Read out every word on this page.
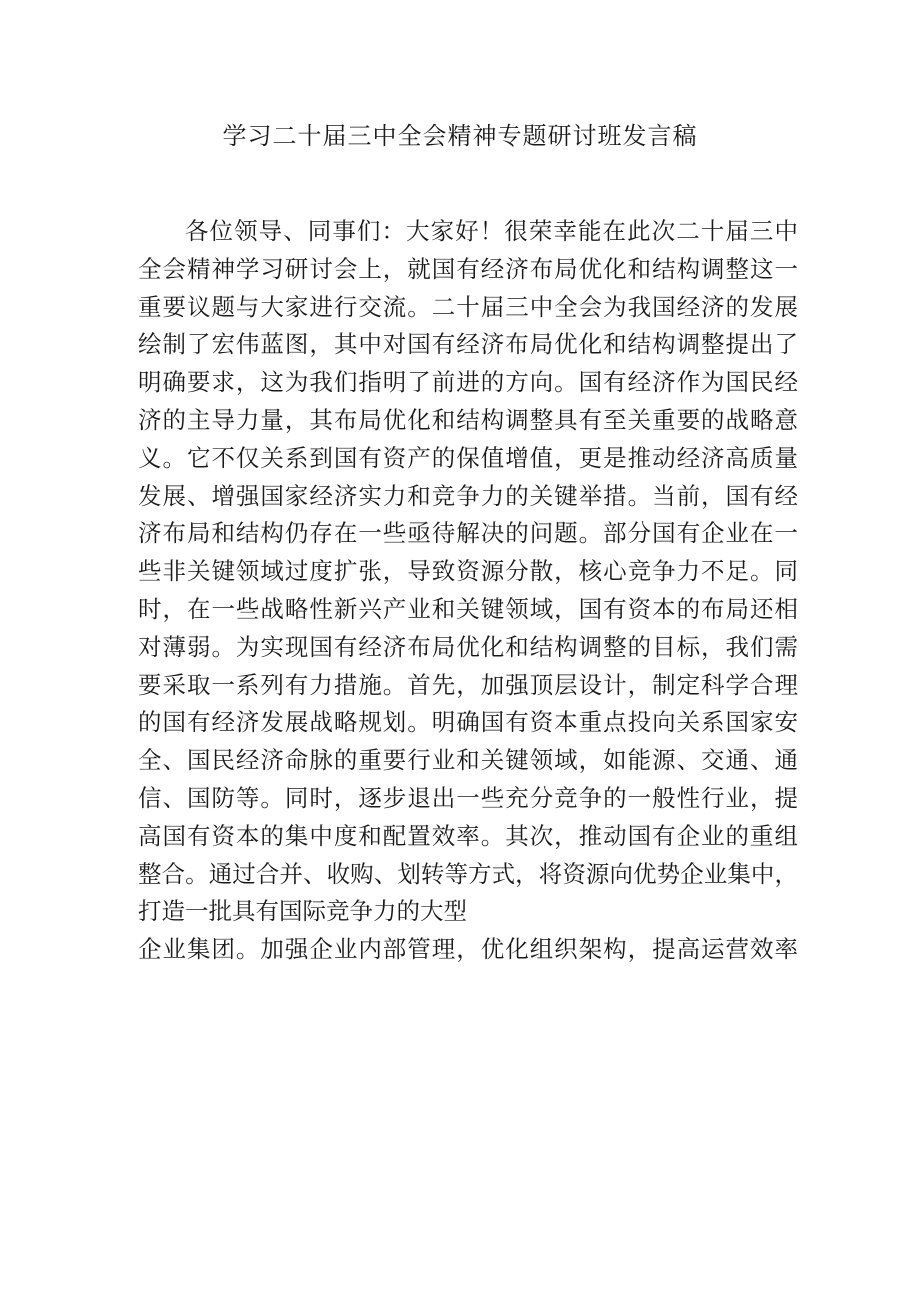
学习二十届三中全会精神专题研讨班发言稿
各位领导、同事们：大家好！很荣幸能在此次二十届三中
全会精神学习研讨会上，就国有经济布局优化和结构调整这一
重要议题与大家进行交流。二十届三中全会为我国经济的发展
绘制了宏伟蓝图，其中对国有经济布局优化和结构调整提出了
明确要求，这为我们指明了前进的方向。国有经济作为国民经
济的主导力量，其布局优化和结构调整具有至关重要的战略意
义。它不仅关系到国有资产的保值增值，更是推动经济高质量
发展、增强国家经济实力和竞争力的关键举措。当前，国有经
济布局和结构仍存在一些亟待解决的问题。部分国有企业在一
些非关键领域过度扩张，导致资源分散，核心竞争力不足。同
时，在一些战略性新兴产业和关键领域，国有资本的布局还相
对薄弱。为实现国有经济布局优化和结构调整的目标，我们需
要采取一系列有力措施。首先，加强顶层设计，制定科学合理
的国有经济发展战略规划。明确国有资本重点投向关系国家安
全、国民经济命脉的重要行业和关键领域，如能源、交通、通
信、国防等。同时，逐步退出一些充分竞争的一般性行业，提
高国有资本的集中度和配置效率。其次，推动国有企业的重组
整合。通过合并、收购、划转等方式，将资源向优势企业集中，
打造一批具有国际竞争力的大型
企业集团。加强企业内部管理，优化组织架构，提高运营效率
